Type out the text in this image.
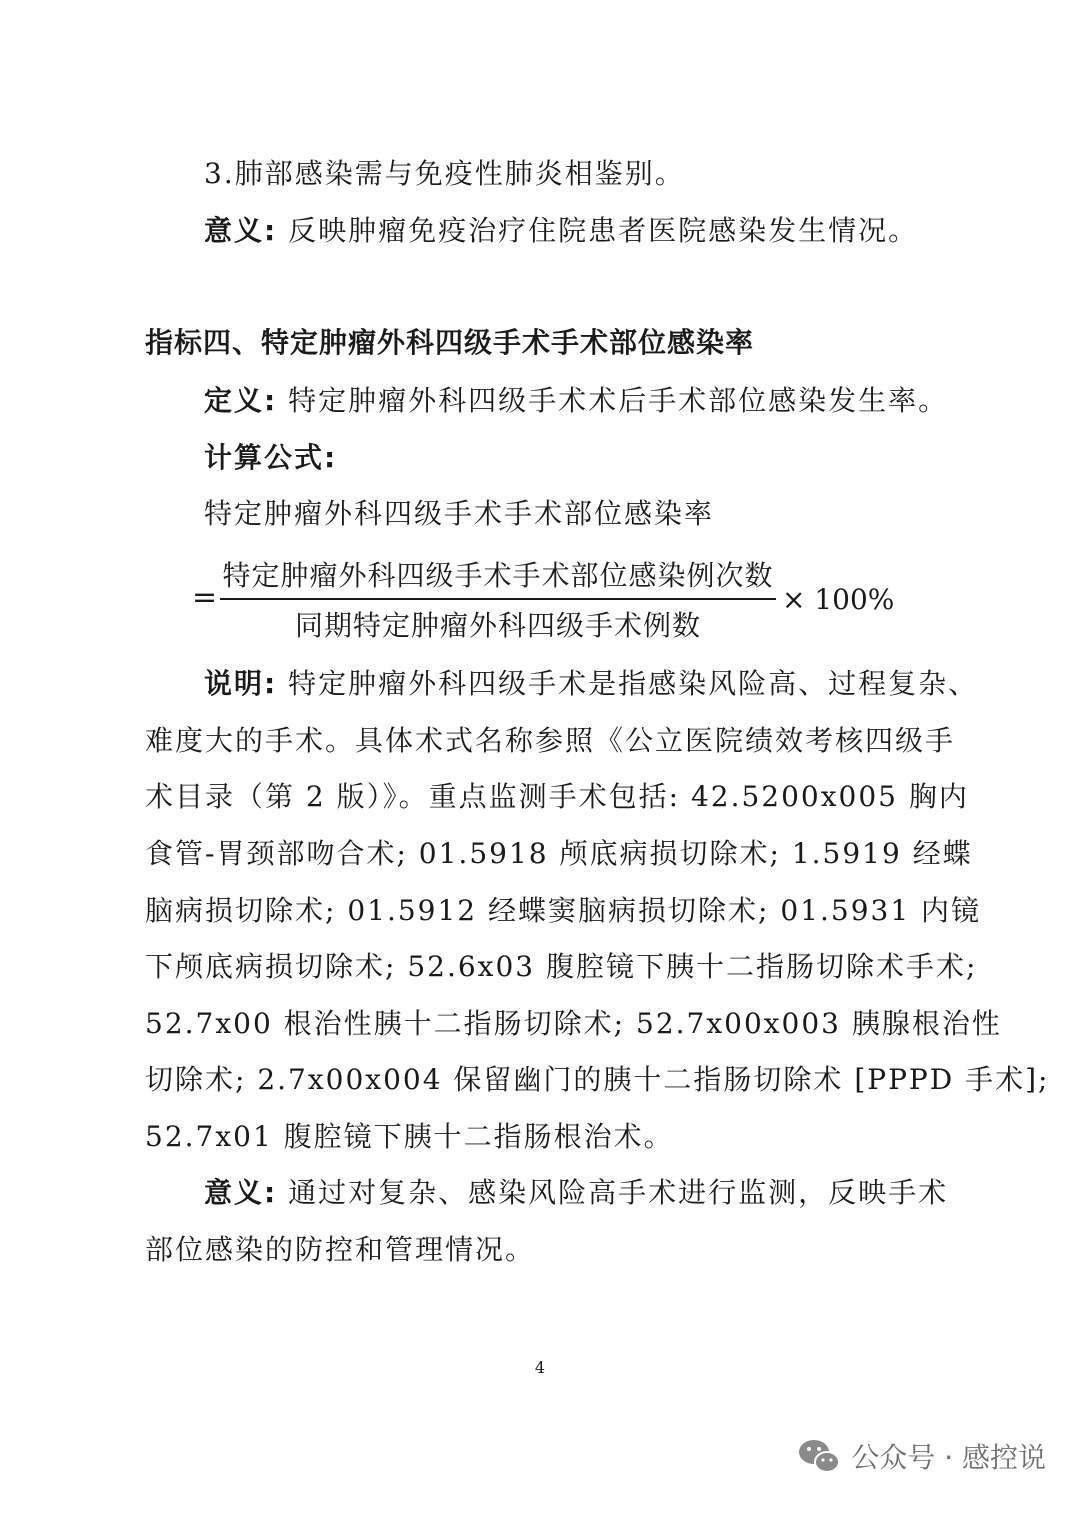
3.肺部感染需与免疫性肺炎相鉴别。
意义: 反映肿瘤免疫治疗住院患者医院感染发生情况。
指标四、特定肿瘤外科四级手术手术部位感染率
定义: 特定肿瘤外科四级手术术后手术部位感染发生率。
计算公式:
特定肿瘤外科四级手术手术部位感染率
=
特定肿瘤外科四级手术手术部位感染例次数
同期特定肿瘤外科四级手术例数
× 100%
说明: 特定肿瘤外科四级手术是指感染风险高、过程复杂、
难度大的手术。具体术式名称参照《公立医院绩效考核四级手
术目录（第 2 版）》。重点监测手术包括: 42.5200x005 胸内
食管-胃颈部吻合术; 01.5918 颅底病损切除术; 1.5919 经蝶
脑病损切除术; 01.5912 经蝶窦脑病损切除术; 01.5931 内镜
下颅底病损切除术; 52.6x03 腹腔镜下胰十二指肠切除术手术;
52.7x00 根治性胰十二指肠切除术; 52.7x00x003 胰腺根治性
切除术; 2.7x00x004 保留幽门的胰十二指肠切除术 [PPPD 手术];
52.7x01 腹腔镜下胰十二指肠根治术。
意义: 通过对复杂、感染风险高手术进行监测，反映手术
部位感染的防控和管理情况。
4
公众号 · 感控说
